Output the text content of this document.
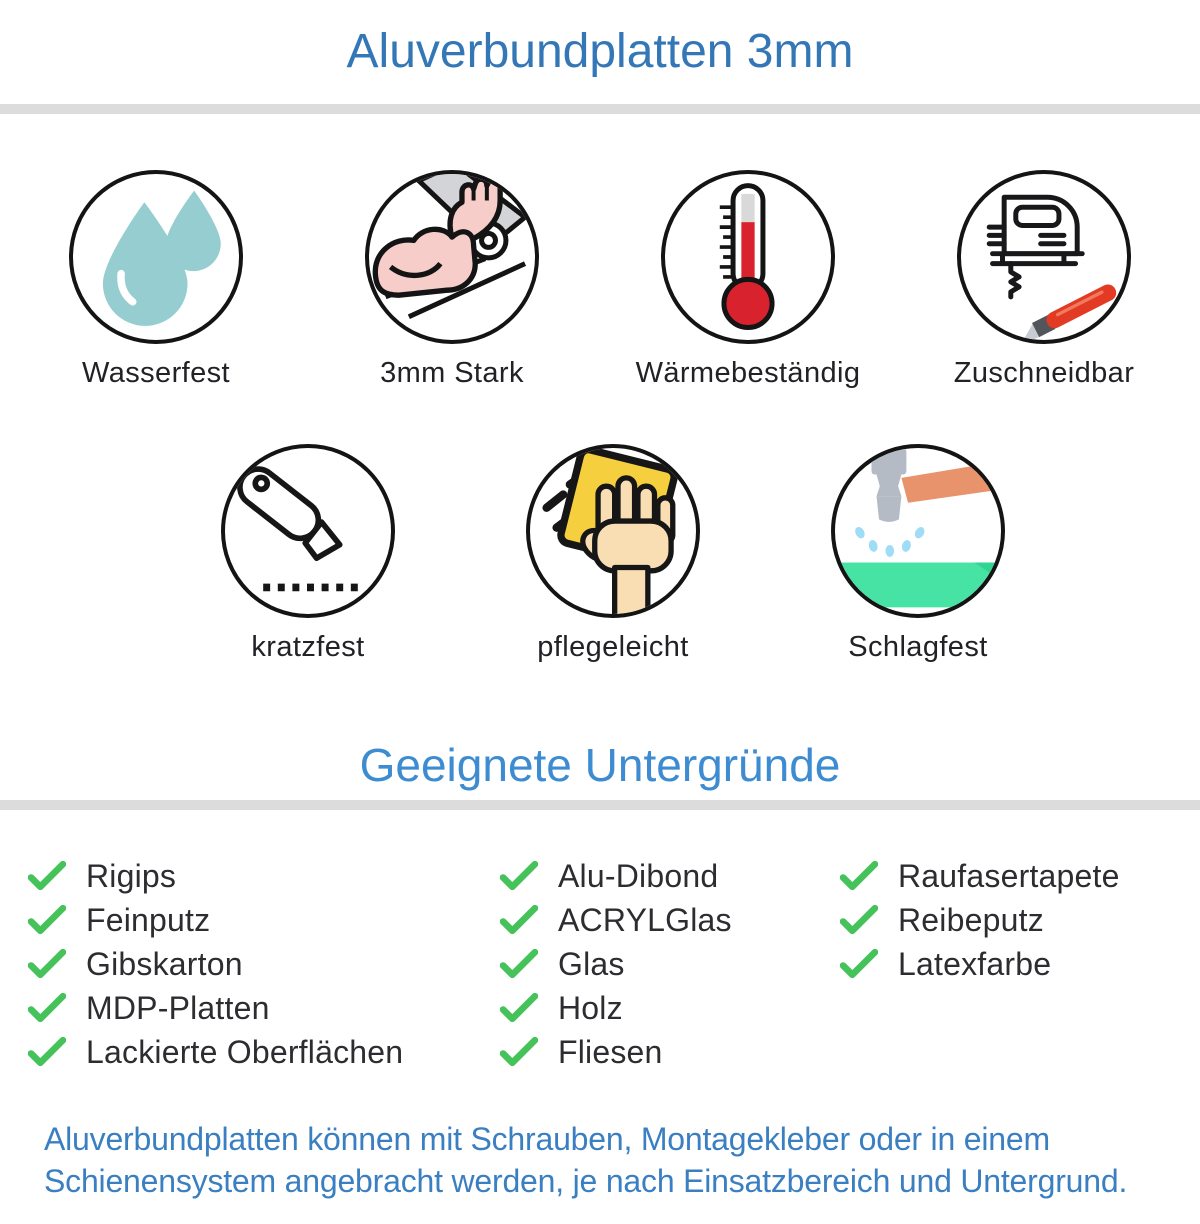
Aluverbundplatten 3mm
Wasserfest	3mm Stark	Wärmebeständig	Zuschneidbar
kratzfest	pflegeleicht	Schlagfest
Geeignete Untergründe
Rigips
Feinputz
Gibskarton
MDP-Platten
Lackierte Oberflächen
Alu-Dibond
ACRYLGlas
Glas
Holz
Fliesen
Raufasertapete
Reibeputz
Latexfarbe

Aluverbundplatten können mit Schrauben, Montagekleber oder in einem Schienensystem angebracht werden, je nach Einsatzbereich und Untergrund.
